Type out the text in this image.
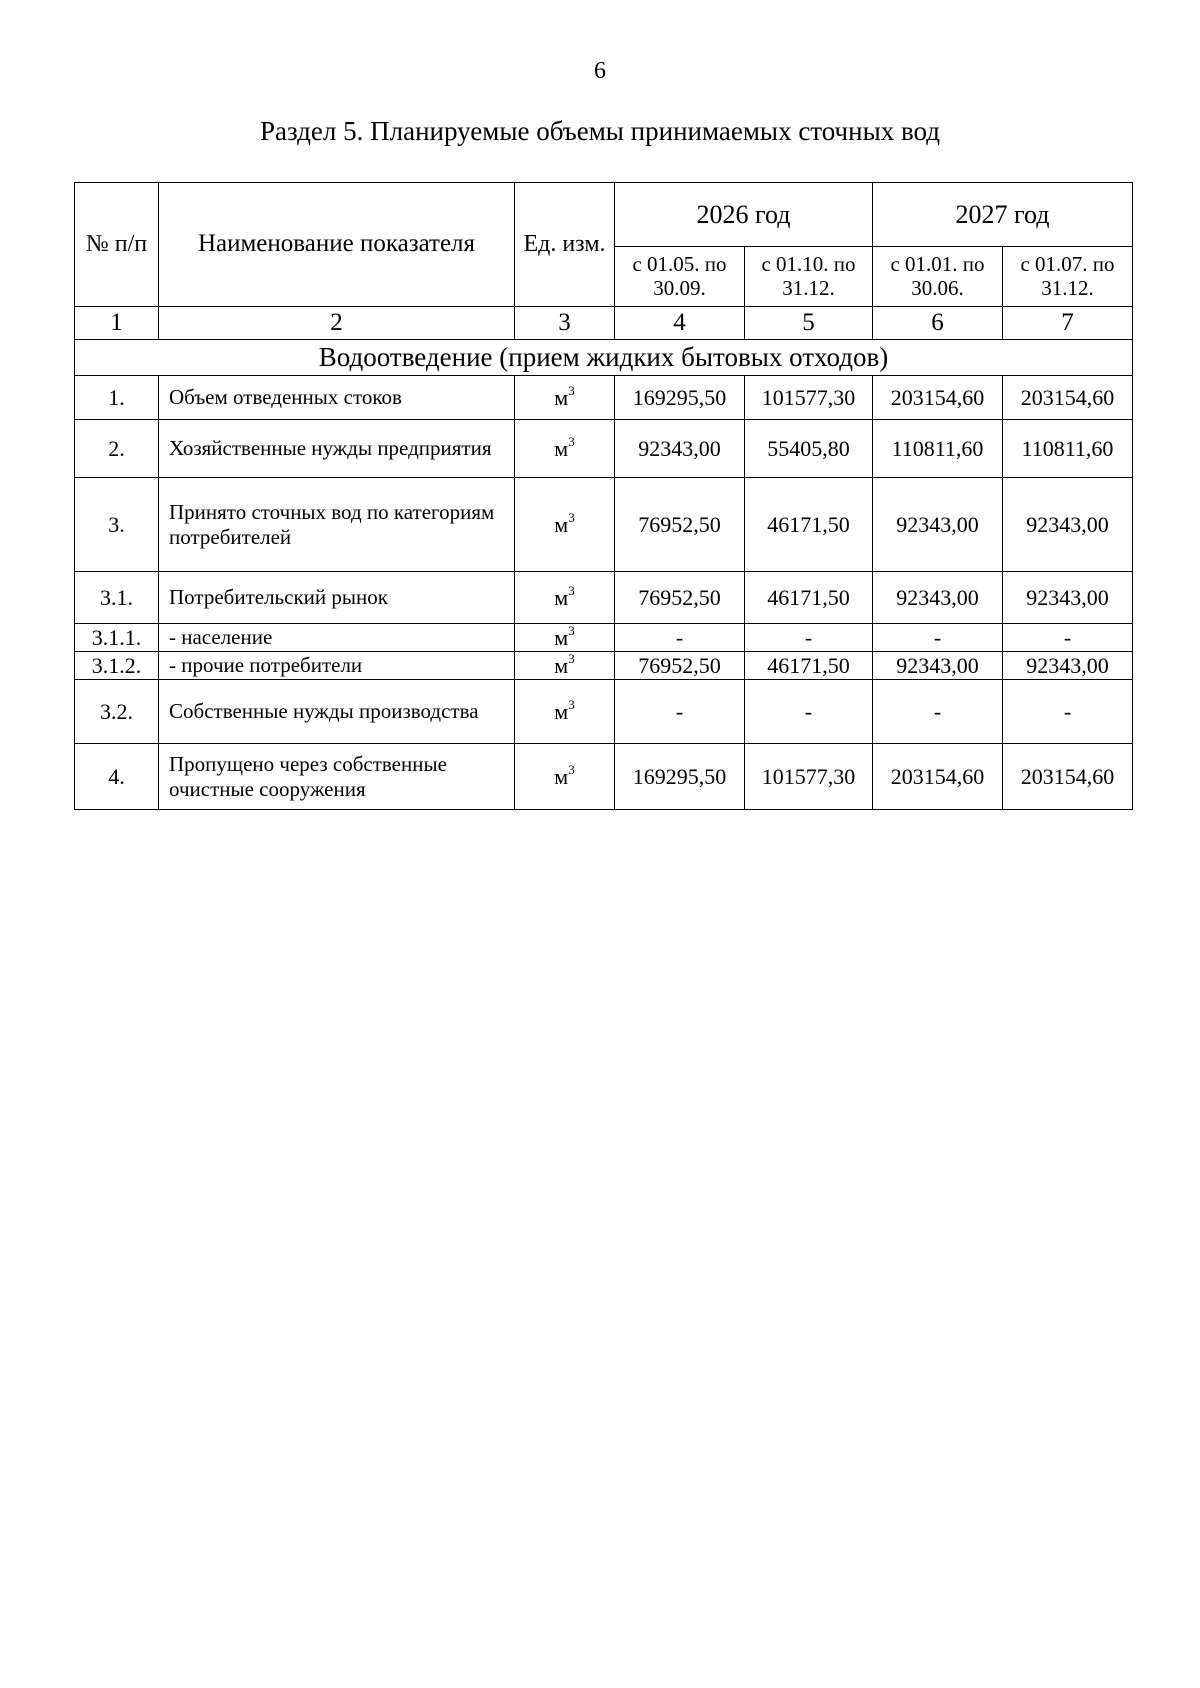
6
Раздел 5. Планируемые объемы принимаемых сточных вод
№ п/п	Наименование показателя	Ед. изм.	2026 год		2027 год	
			с 01.05. по 30.09.	с 01.10. по 31.12.	с 01.01. по 30.06.	с 01.07. по 31.12.
1	2	3	4	5	6	7
Водоотведение (прием жидких бытовых отходов)						
1.	Объем отведенных стоков	$м^3$	169295,50	101577,30	203154,60	203154,60
2.	Хозяйственные нужды предприятия	$м^3$	92343,00	55405,80	110811,60	110811,60
3.	Принято сточных вод по категориям потребителей	$м^3$	76952,50	46171,50	92343,00	92343,00
3.1.	Потребительский рынок	$м^3$	76952,50	46171,50	92343,00	92343,00
3.1.1.	- население	$м^3$	-	-	-	-
3.1.2.	- прочие потребители	$м^3$	76952,50	46171,50	92343,00	92343,00
3.2.	Собственные нужды производства	$м^3$	-	-	-	-
4.	Пропущено через собственные очистные сооружения	$м^3$	169295,50	101577,30	203154,60	203154,60
